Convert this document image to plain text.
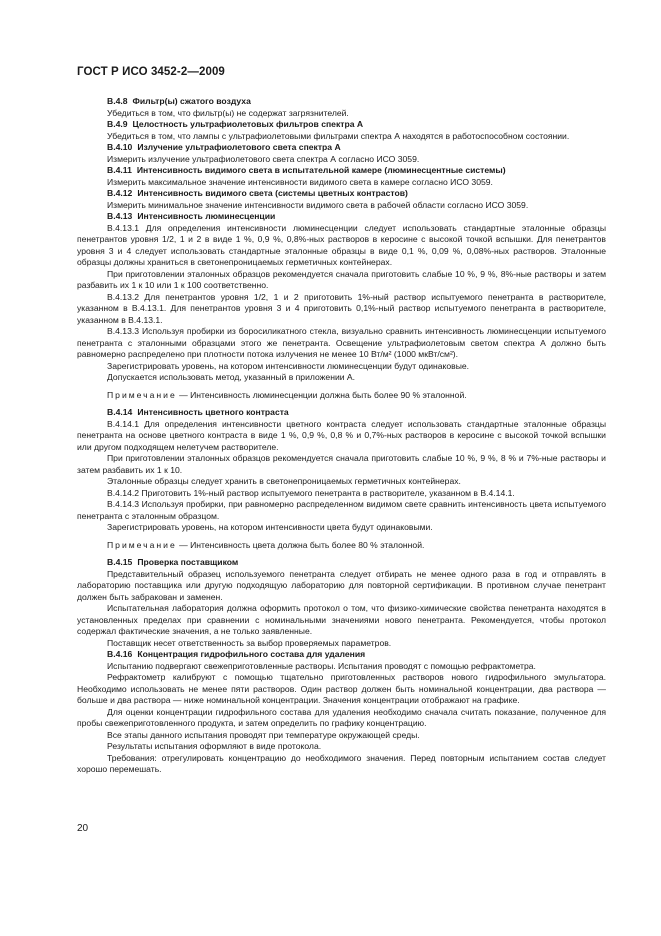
ГОСТ Р ИСО 3452-2—2009
В.4.8 Фильтр(ы) сжатого воздуха
Убедиться в том, что фильтр(ы) не содержат загрязнителей.
В.4.9 Целостность ультрафиолетовых фильтров спектра А
Убедиться в том, что лампы с ультрафиолетовыми фильтрами спектра А находятся в работоспособном состоянии.
В.4.10 Излучение ультрафиолетового света спектра А
Измерить излучение ультрафиолетового света спектра А согласно ИСО 3059.
В.4.11 Интенсивность видимого света в испытательной камере (люминесцентные системы)
Измерить максимальное значение интенсивности видимого света в камере согласно ИСО 3059.
В.4.12 Интенсивность видимого света (системы цветных контрастов)
Измерить минимальное значение интенсивности видимого света в рабочей области согласно ИСО 3059.
В.4.13 Интенсивность люминесценции
В.4.13.1 Для определения интенсивности люминесценции следует использовать стандартные эталонные образцы пенетрантов уровня 1/2, 1 и 2 в виде 1 %, 0,9 %, 0,8%-ных растворов в керосине с высокой точкой вспышки. Для пенетрантов уровня 3 и 4 следует использовать стандартные эталонные образцы в виде 0,1 %, 0,09 %, 0,08%-ных растворов. Эталонные образцы должны храниться в светонепроницаемых герметичных контейнерах.
При приготовлении эталонных образцов рекомендуется сначала приготовить слабые 10 %, 9 %, 8%-ные растворы и затем разбавить их 1 к 10 или 1 к 100 соответственно.
В.4.13.2 Для пенетрантов уровня 1/2, 1 и 2 приготовить 1%-ный раствор испытуемого пенетранта в растворителе, указанном в В.4.13.1. Для пенетрантов уровня 3 и 4 приготовить 0,1%-ный раствор испытуемого пенетранта в растворителе, указанном в В.4.13.1.
В.4.13.3 Используя пробирки из боросиликатного стекла, визуально сравнить интенсивность люминесценции испытуемого пенетранта с эталонными образцами этого же пенетранта. Освещение ультрафиолетовым светом спектра А должно быть равномерно распределено при плотности потока излучения не менее 10 Вт/м² (1000 мкВт/см²).
Зарегистрировать уровень, на котором интенсивности люминесценции будут одинаковые.
Допускается использовать метод, указанный в приложении А.
Примечание — Интенсивность люминесценции должна быть более 90 % эталонной.
В.4.14 Интенсивность цветного контраста
В.4.14.1 Для определения интенсивности цветного контраста следует использовать стандартные эталонные образцы пенетранта на основе цветного контраста в виде 1 %, 0,9 %, 0,8 % и 0,7%-ных растворов в керосине с высокой точкой вспышки или другом подходящем нелетучем растворителе.
При приготовлении эталонных образцов рекомендуется сначала приготовить слабые 10 %, 9 %, 8 % и 7%-ные растворы и затем разбавить их 1 к 10.
Эталонные образцы следует хранить в светонепроницаемых герметичных контейнерах.
В.4.14.2 Приготовить 1%-ный раствор испытуемого пенетранта в растворителе, указанном в В.4.14.1.
В.4.14.3 Используя пробирки, при равномерно распределенном видимом свете сравнить интенсивность цвета испытуемого пенетранта с эталонным образцом.
Зарегистрировать уровень, на котором интенсивности цвета будут одинаковыми.
Примечание — Интенсивность цвета должна быть более 80 % эталонной.
В.4.15 Проверка поставщиком
Представительный образец используемого пенетранта следует отбирать не менее одного раза в год и отправлять в лабораторию поставщика или другую подходящую лабораторию для повторной сертификации. В противном случае пенетрант должен быть забракован и заменен.
Испытательная лаборатория должна оформить протокол о том, что физико-химические свойства пенетранта находятся в установленных пределах при сравнении с номинальными значениями нового пенетранта. Рекомендуется, чтобы протокол содержал фактические значения, а не только заявленные.
Поставщик несет ответственность за выбор проверяемых параметров.
В.4.16 Концентрация гидрофильного состава для удаления
Испытанию подвергают свежеприготовленные растворы. Испытания проводят с помощью рефрактометра.
Рефрактометр калибруют с помощью тщательно приготовленных растворов нового гидрофильного эмульгатора. Необходимо использовать не менее пяти растворов. Один раствор должен быть номинальной концентрации, два раствора — больше и два раствора — ниже номинальной концентрации. Значения концентрации отображают на графике.
Для оценки концентрации гидрофильного состава для удаления необходимо сначала считать показание, полученное для пробы свежеприготовленного продукта, и затем определить по графику концентрацию.
Все этапы данного испытания проводят при температуре окружающей среды.
Результаты испытания оформляют в виде протокола.
Требования: отрегулировать концентрацию до необходимого значения. Перед повторным испытанием состав следует хорошо перемешать.
20
